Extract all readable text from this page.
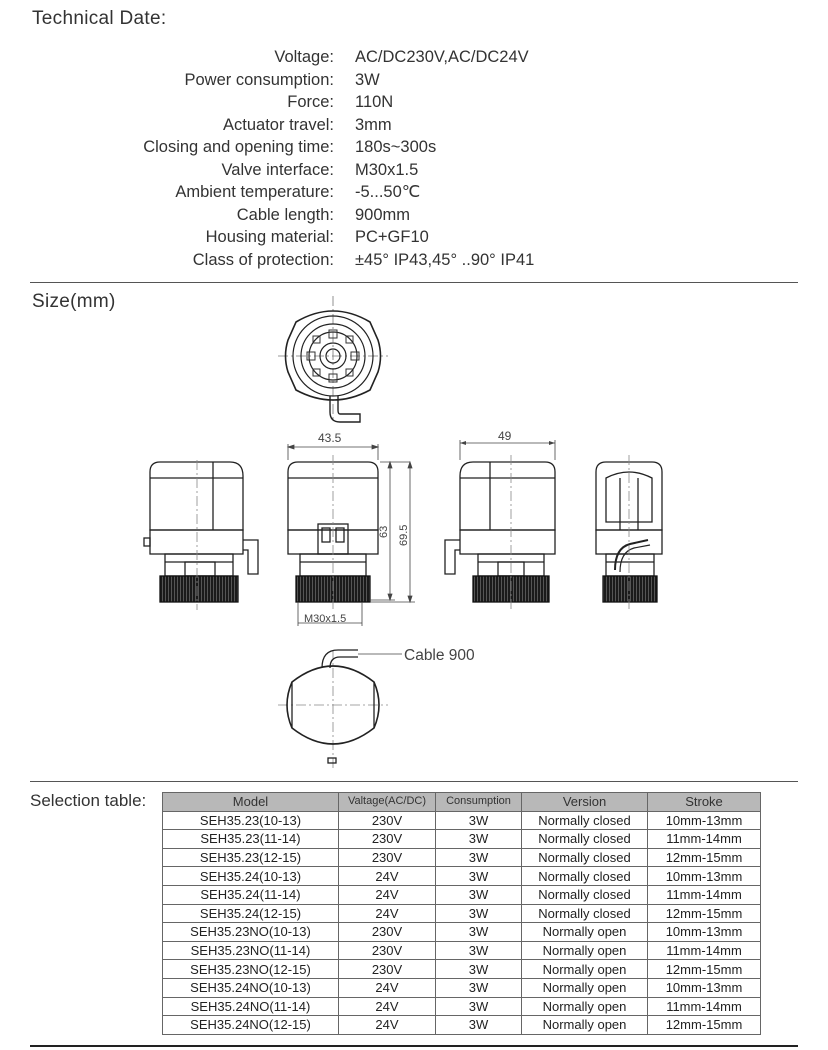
Technical Date:
Voltage: AC/DC230V,AC/DC24V
Power consumption: 3W
Force: 110N
Actuator travel: 3mm
Closing and opening time: 180s~300s
Valve interface: M30x1.5
Ambient temperature: -5...50℃
Cable length: 900mm
Housing material: PC+GF10
Class of protection: ±45° IP43,45° ..90° IP41
Size(mm)
43.5
63 69.5
M30x1.5
49
Cable 900
Selection table:	Model	Valtage(AC/DC)	Consumption	Version	Stroke
SEH35.23(10-13)	230V	3W	Normally closed	10mm-13mm
SEH35.23(11-14)	230V	3W	Normally closed	11mm-14mm
SEH35.23(12-15)	230V	3W	Normally closed	12mm-15mm
SEH35.24(10-13)	24V	3W	Normally closed	10mm-13mm
SEH35.24(11-14)	24V	3W	Normally closed	11mm-14mm
SEH35.24(12-15)	24V	3W	Normally closed	12mm-15mm
SEH35.23NO(10-13)	230V	3W	Normally open	10mm-13mm
SEH35.23NO(11-14)	230V	3W	Normally open	11mm-14mm
SEH35.23NO(12-15)	230V	3W	Normally open	12mm-15mm
SEH35.24NO(10-13)	24V	3W	Normally open	10mm-13mm
SEH35.24NO(11-14)	24V	3W	Normally open	11mm-14mm
SEH35.24NO(12-15)	24V	3W	Normally open	12mm-15mm
